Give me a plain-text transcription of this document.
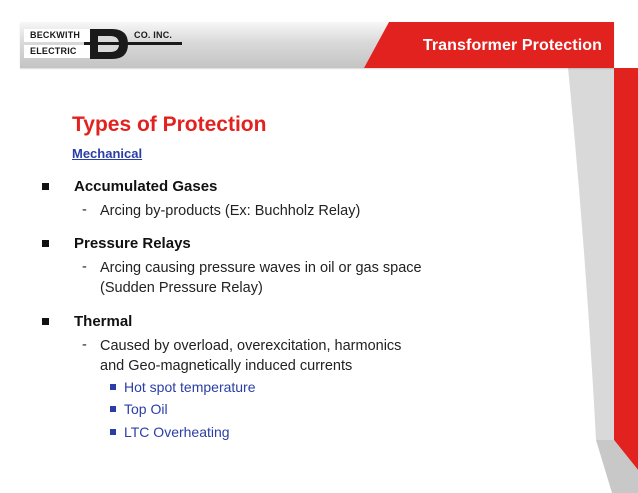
Transformer Protection
BECKWITH
ELECTRIC
CO. INC.
Types of Protection
Mechanical
Accumulated Gases
- Arcing by-products (Ex: Buchholz Relay)
Pressure Relays
- Arcing causing pressure waves in oil or gas space
(Sudden Pressure Relay)
Thermal
- Caused by overload, overexcitation, harmonics
and Geo-magnetically induced currents
Hot spot temperature
Top Oil
LTC Overheating
